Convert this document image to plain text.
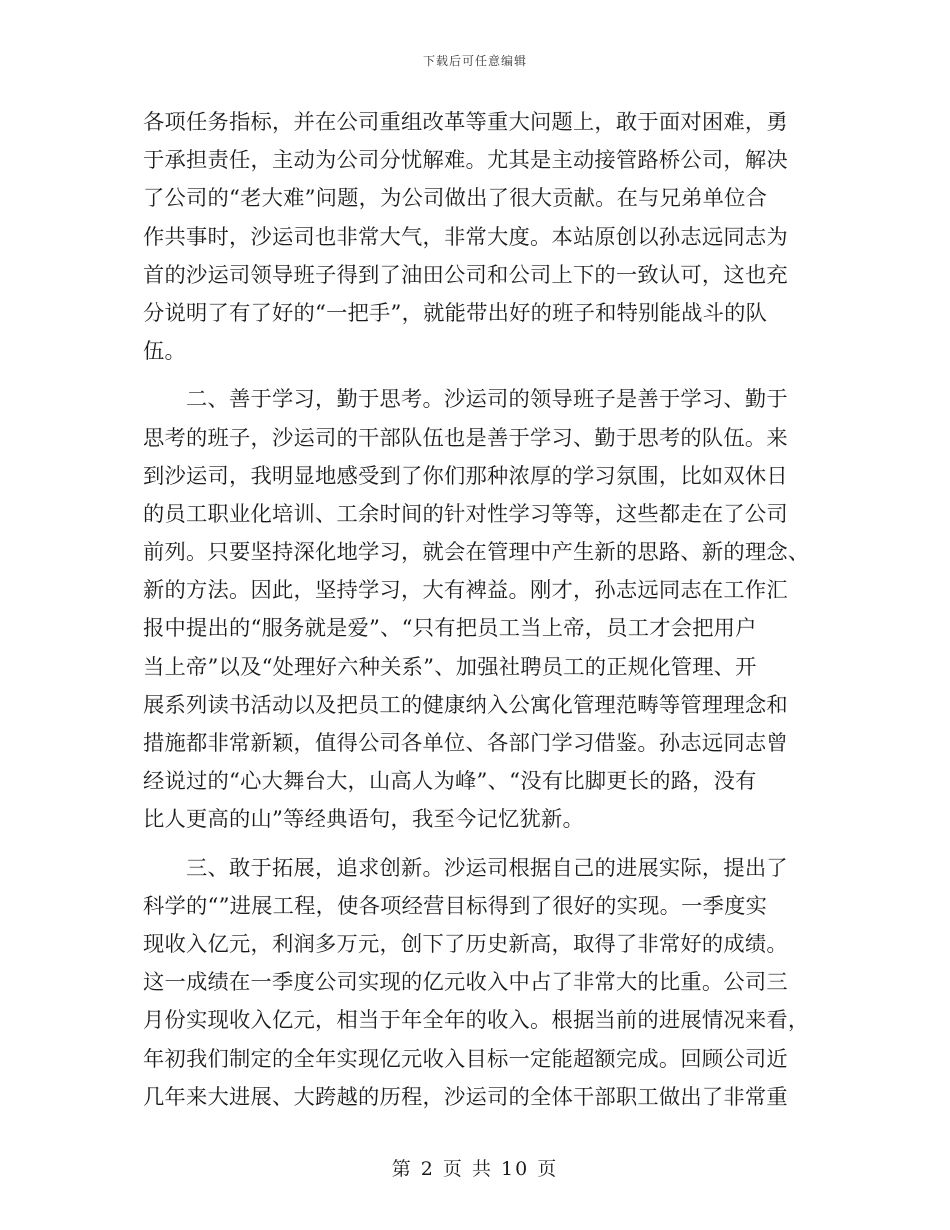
下载后可任意编辑
各项任务指标，并在公司重组改革等重大问题上，敢于面对困难，勇
于承担责任，主动为公司分忧解难。尤其是主动接管路桥公司，解决
了公司的“老大难”问题，为公司做出了很大贡献。在与兄弟单位合
作共事时，沙运司也非常大气，非常大度。本站原创以孙志远同志为
首的沙运司领导班子得到了油田公司和公司上下的一致认可，这也充
分说明了有了好的“一把手”，就能带出好的班子和特别能战斗的队
伍。
二、善于学习，勤于思考。沙运司的领导班子是善于学习、勤于
思考的班子，沙运司的干部队伍也是善于学习、勤于思考的队伍。来
到沙运司，我明显地感受到了你们那种浓厚的学习氛围，比如双休日
的员工职业化培训、工余时间的针对性学习等等，这些都走在了公司
前列。只要坚持深化地学习，就会在管理中产生新的思路、新的理念、
新的方法。因此，坚持学习，大有裨益。刚才，孙志远同志在工作汇
报中提出的“服务就是爱”、“只有把员工当上帝，员工才会把用户
当上帝”以及“处理好六种关系”、加强社聘员工的正规化管理、开
展系列读书活动以及把员工的健康纳入公寓化管理范畴等管理理念和
措施都非常新颖，值得公司各单位、各部门学习借鉴。孙志远同志曾
经说过的“心大舞台大，山高人为峰”、“没有比脚更长的路，没有
比人更高的山”等经典语句，我至今记忆犹新。
三、敢于拓展，追求创新。沙运司根据自己的进展实际，提出了
科学的“”进展工程，使各项经营目标得到了很好的实现。一季度实
现收入亿元，利润多万元，创下了历史新高，取得了非常好的成绩。
这一成绩在一季度公司实现的亿元收入中占了非常大的比重。公司三
月份实现收入亿元，相当于年全年的收入。根据当前的进展情况来看，
年初我们制定的全年实现亿元收入目标一定能超额完成。回顾公司近
几年来大进展、大跨越的历程，沙运司的全体干部职工做出了非常重
第 2 页 共 10 页
